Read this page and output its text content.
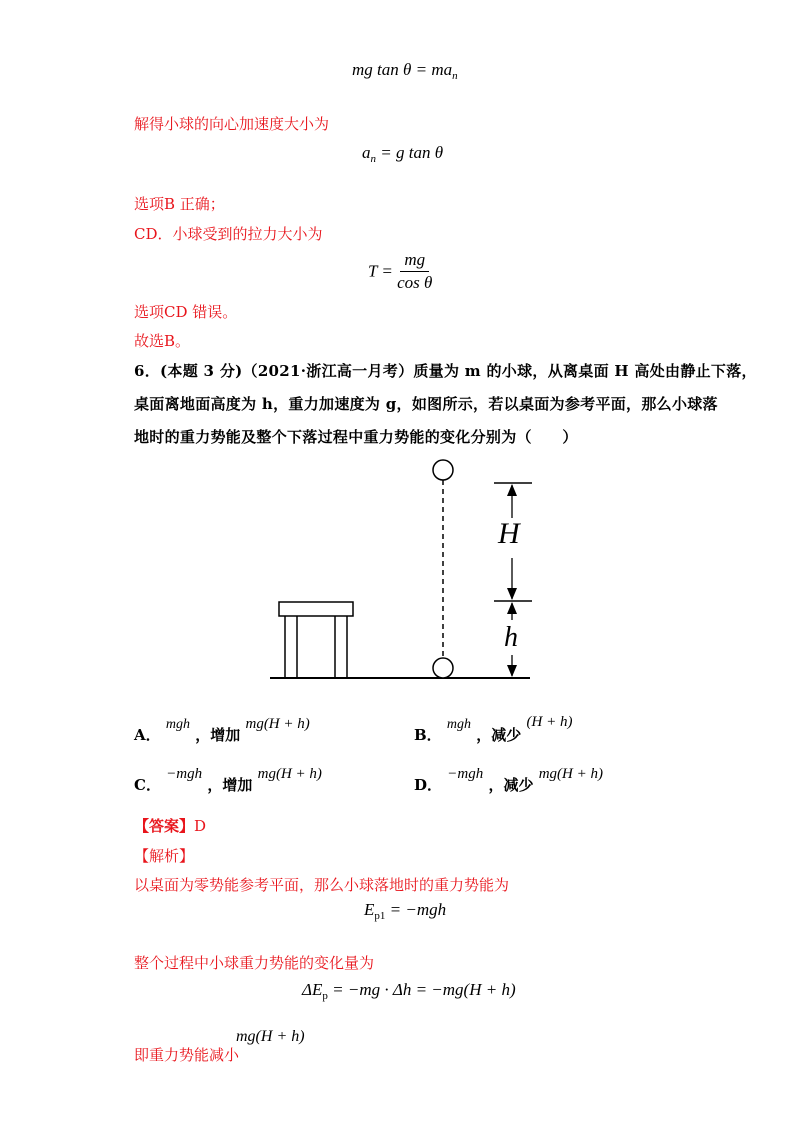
mg $\tan \theta = ma_n$
解得小球的向心加速度大小为
$a_n = g$ tan θ
选项B 正确；
CD．小球受到的拉力大小为
$T = \frac{mg}{\text{cos θ}}$
选项CD 错误。
故选B。
6．(本题 3 分)（2021·浙江高一月考）质量为 m 的小球，从离桌面 H 高处由静止下落，
桌面离地面高度为 h，重力加速度为 g，如图所示，若以桌面为参考平面，那么小球落
地时的重力势能及整个下落过程中重力势能的变化分别为（　　）
H
h
A． mgh ，增加 mg(H + h)
B． mgh ，减少 (H + h)
C． −mgh ，增加 mg(H + h)
D． −mgh ，减少 mg(H + h)
【答案】D
【解析】
以桌面为零势能参考平面，那么小球落地时的重力势能为
$E_{p1} = -mgh$
整个过程中小球重力势能的变化量为
$\Delta E_p = -mg \cdot \Delta h = -mg(H + h)$
即重力势能减小
mg(H + h)
